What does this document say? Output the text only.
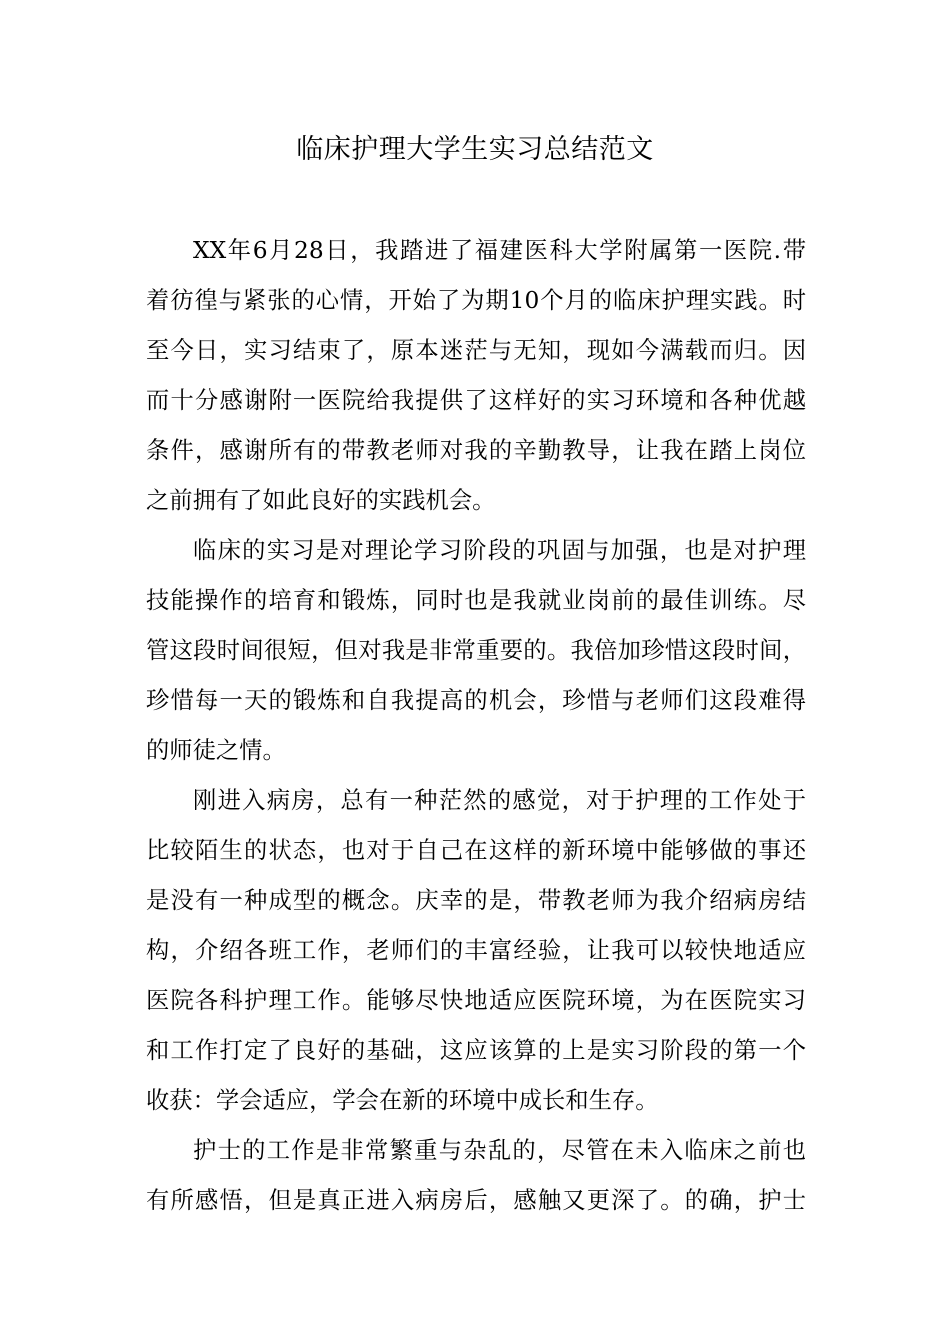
临床护理大学生实习总结范文
XX年6月28日，我踏进了福建医科大学附属第一医院.带
着彷徨与紧张的心情，开始了为期10个月的临床护理实践。时
至今日，实习结束了，原本迷茫与无知，现如今满载而归。因
而十分感谢附一医院给我提供了这样好的实习环境和各种优越
条件，感谢所有的带教老师对我的辛勤教导，让我在踏上岗位
之前拥有了如此良好的实践机会。
临床的实习是对理论学习阶段的巩固与加强，也是对护理
技能操作的培育和锻炼，同时也是我就业岗前的最佳训练。尽
管这段时间很短，但对我是非常重要的。我倍加珍惜这段时间，
珍惜每一天的锻炼和自我提高的机会，珍惜与老师们这段难得
的师徒之情。
刚进入病房，总有一种茫然的感觉，对于护理的工作处于
比较陌生的状态，也对于自己在这样的新环境中能够做的事还
是没有一种成型的概念。庆幸的是，带教老师为我介绍病房结
构，介绍各班工作，老师们的丰富经验，让我可以较快地适应
医院各科护理工作。能够尽快地适应医院环境，为在医院实习
和工作打定了良好的基础，这应该算的上是实习阶段的第一个
收获：学会适应，学会在新的环境中成长和生存。
护士的工作是非常繁重与杂乱的，尽管在未入临床之前也
有所感悟，但是真正进入病房后，感触又更深了。的确，护士
